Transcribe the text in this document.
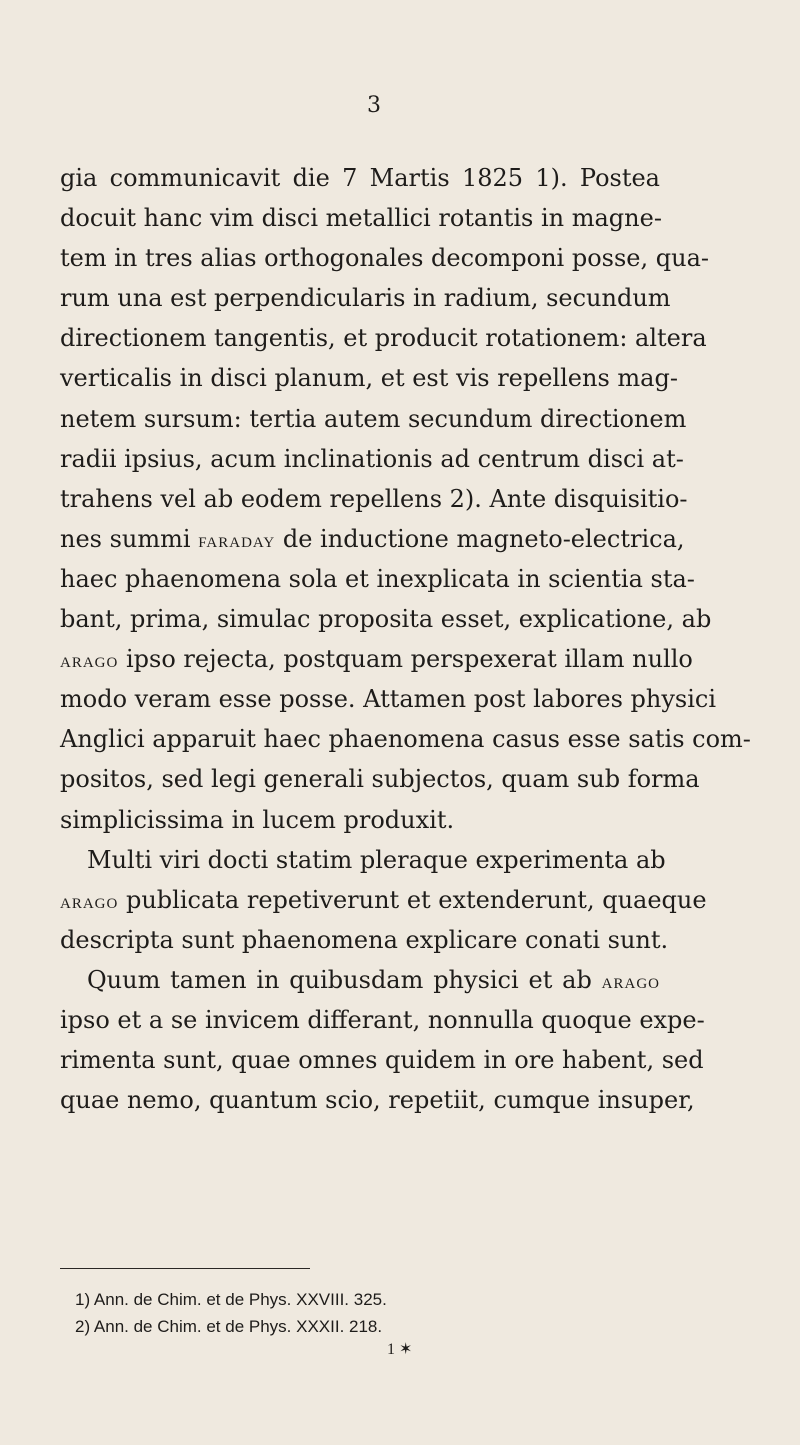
3
gia communicavit die 7 Martis 1825 1). Postea
docuit hanc vim disci metallici rotantis in magne-
tem in tres alias orthogonales decomponi posse, qua-
rum una est perpendicularis in radium, secundum
directionem tangentis, et producit rotationem: altera
verticalis in disci planum, et est vis repellens mag-
netem sursum: tertia autem secundum directionem
radii ipsius, acum inclinationis ad centrum disci at-
trahens vel ab eodem repellens 2). Ante disquisitio-
nes summi FARADAY de inductione magneto-electrica,
haec phaenomena sola et inexplicata in scientia sta-
bant, prima, simulac proposita esset, explicatione, ab
ARAGO ipso rejecta, postquam perspexerat illam nullo
modo veram esse posse. Attamen post labores physici
Anglici apparuit haec phaenomena casus esse satis com-
positos, sed legi generali subjectos, quam sub forma
simplicissima in lucem produxit.
Multi viri docti statim pleraque experimenta ab
ARAGO publicata repetiverunt et extenderunt, quaeque
descripta sunt phaenomena explicare conati sunt.
Quum tamen in quibusdam physici et ab ARAGO
ipso et a se invicem differant, nonnulla quoque expe-
rimenta sunt, quae omnes quidem in ore habent, sed
quae nemo, quantum scio, repetiit, cumque insuper,
1) Ann. de Chim. et de Phys. XXVIII. 325.
2) Ann. de Chim. et de Phys. XXXII. 218.
1 ✶
